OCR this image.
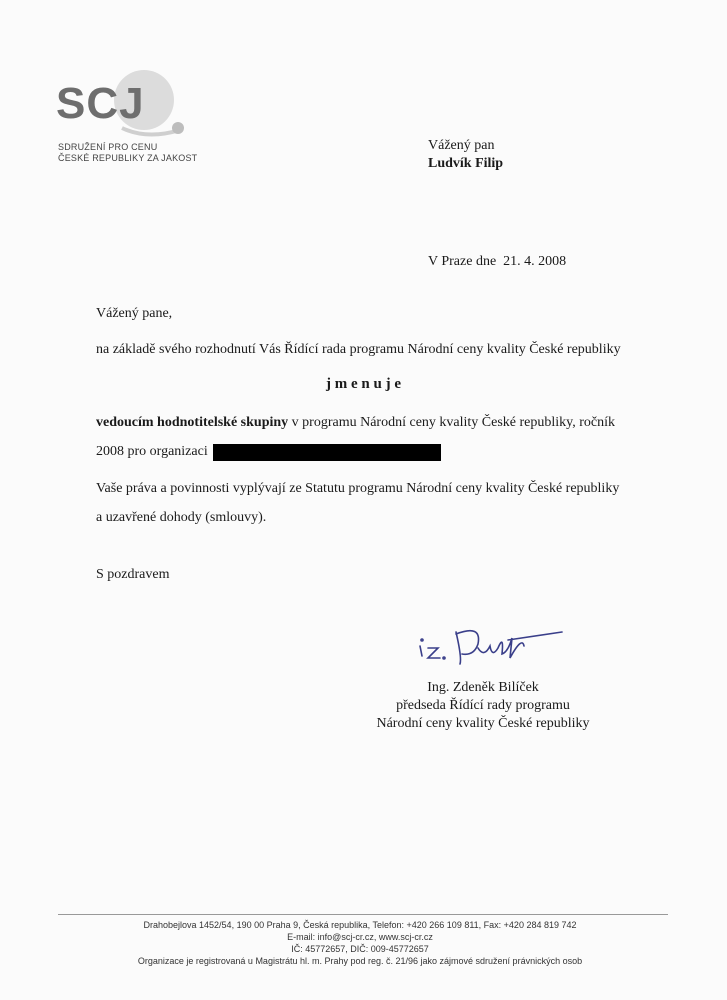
SCJ
SDRUŽENÍ PRO CENU
ČESKÉ REPUBLIKY ZA JAKOST
Vážený pan
Ludvík Filip
V Praze dne 21. 4. 2008
Vážený pane,
na základě svého rozhodnutí Vás Řídící rada programu Národní ceny kvality České republiky
j m e n u j e
vedoucím hodnotitelské skupiny v programu Národní ceny kvality České republiky, ročník
2008 pro organizaci
Vaše práva a povinnosti vyplývají ze Statutu programu Národní ceny kvality České republiky
a uzavřené dohody (smlouvy).
S pozdravem
Ing. Zdeněk Bilíček
předseda Řídící rady programu
Národní ceny kvality České republiky
Drahobejlova 1452/54, 190 00 Praha 9, Česká republika, Telefon: +420 266 109 811, Fax: +420 284 819 742
E-mail: info@scj-cr.cz, www.scj-cr.cz
IČ: 45772657, DIČ: 009-45772657
Organizace je registrovaná u Magistrátu hl. m. Prahy pod reg. č. 21/96 jako zájmové sdružení právnických osob
